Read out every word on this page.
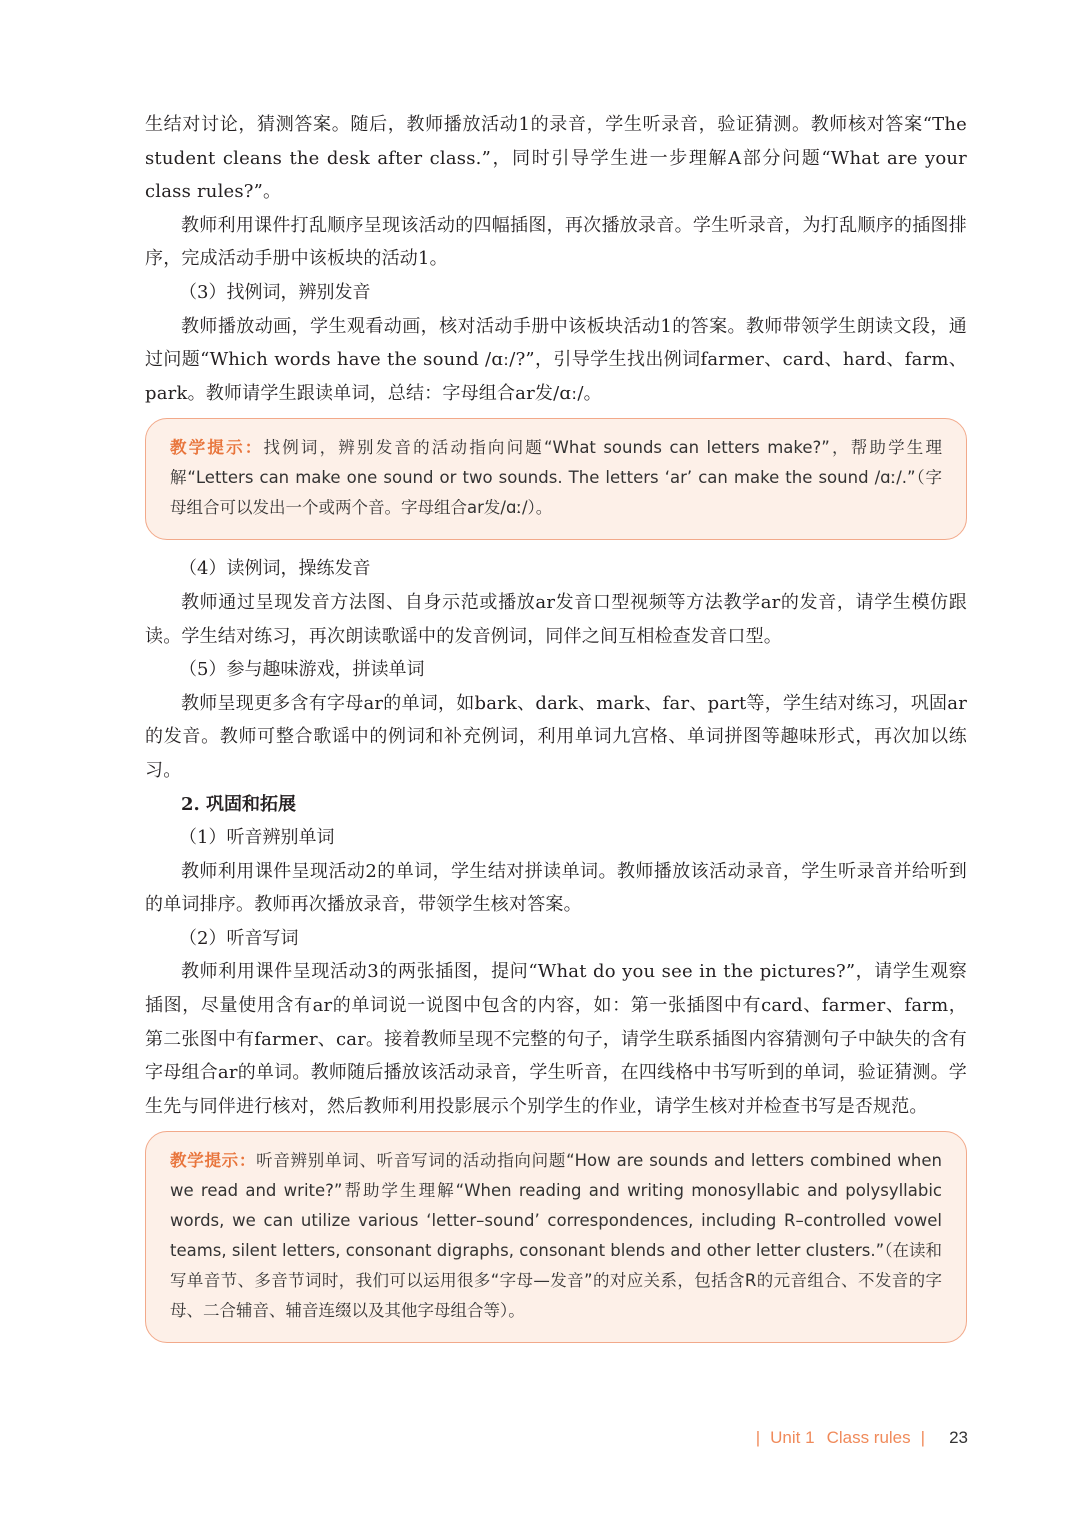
生结对讨论，猜测答案。随后，教师播放活动1的录音，学生听录音，验证猜测。教师核对答案“The student cleans the desk after class.”，同时引导学生进一步理解A部分问题“What are your class rules?”。

教师利用课件打乱顺序呈现该活动的四幅插图，再次播放录音。学生听录音，为打乱顺序的插图排序，完成活动手册中该板块的活动1。

（3）找例词，辨别发音

教师播放动画，学生观看动画，核对活动手册中该板块活动1的答案。教师带领学生朗读文段，通过问题“Which words have the sound /ɑː/?”，引导学生找出例词farmer、card、hard、farm、park。教师请学生跟读单词，总结：字母组合ar发/ɑː/。

教学提示：找例词，辨别发音的活动指向问题“What sounds can letters make?”，帮助学生理解“Letters can make one sound or two sounds. The letters ‘ar’ can make the sound /ɑː/.”（字母组合可以发出一个或两个音。字母组合ar发/ɑː/）。

（4）读例词，操练发音

教师通过呈现发音方法图、自身示范或播放ar发音口型视频等方法教学ar的发音，请学生模仿跟读。学生结对练习，再次朗读歌谣中的发音例词，同伴之间互相检查发音口型。

（5）参与趣味游戏，拼读单词

教师呈现更多含有字母ar的单词，如bark、dark、mark、far、part等，学生结对练习，巩固ar的发音。教师可整合歌谣中的例词和补充例词，利用单词九宫格、单词拼图等趣味形式，再次加以练习。

2. 巩固和拓展

（1）听音辨别单词

教师利用课件呈现活动2的单词，学生结对拼读单词。教师播放该活动录音，学生听录音并给听到的单词排序。教师再次播放录音，带领学生核对答案。

（2）听音写词

教师利用课件呈现活动3的两张插图，提问“What do you see in the pictures?”，请学生观察插图，尽量使用含有ar的单词说一说图中包含的内容，如：第一张插图中有card、farmer、farm，第二张图中有farmer、car。接着教师呈现不完整的句子，请学生联系插图内容猜测句子中缺失的含有字母组合ar的单词。教师随后播放该活动录音，学生听音，在四线格中书写听到的单词，验证猜测。学生先与同伴进行核对，然后教师利用投影展示个别学生的作业，请学生核对并检查书写是否规范。

教学提示：听音辨别单词、听音写词的活动指向问题“How are sounds and letters combined when we read and write?”帮助学生理解“When reading and writing monosyllabic and polysyllabic words, we can utilize various ‘letter–sound’ correspondences, including R–controlled vowel teams, silent letters, consonant digraphs, consonant blends and other letter clusters.”（在读和写单音节、多音节词时，我们可以运用很多“字母—发音”的对应关系，包括含R的元音组合、不发音的字母、二合辅音、辅音连缀以及其他字母组合等）。
| Unit 1 Class rules | 23
